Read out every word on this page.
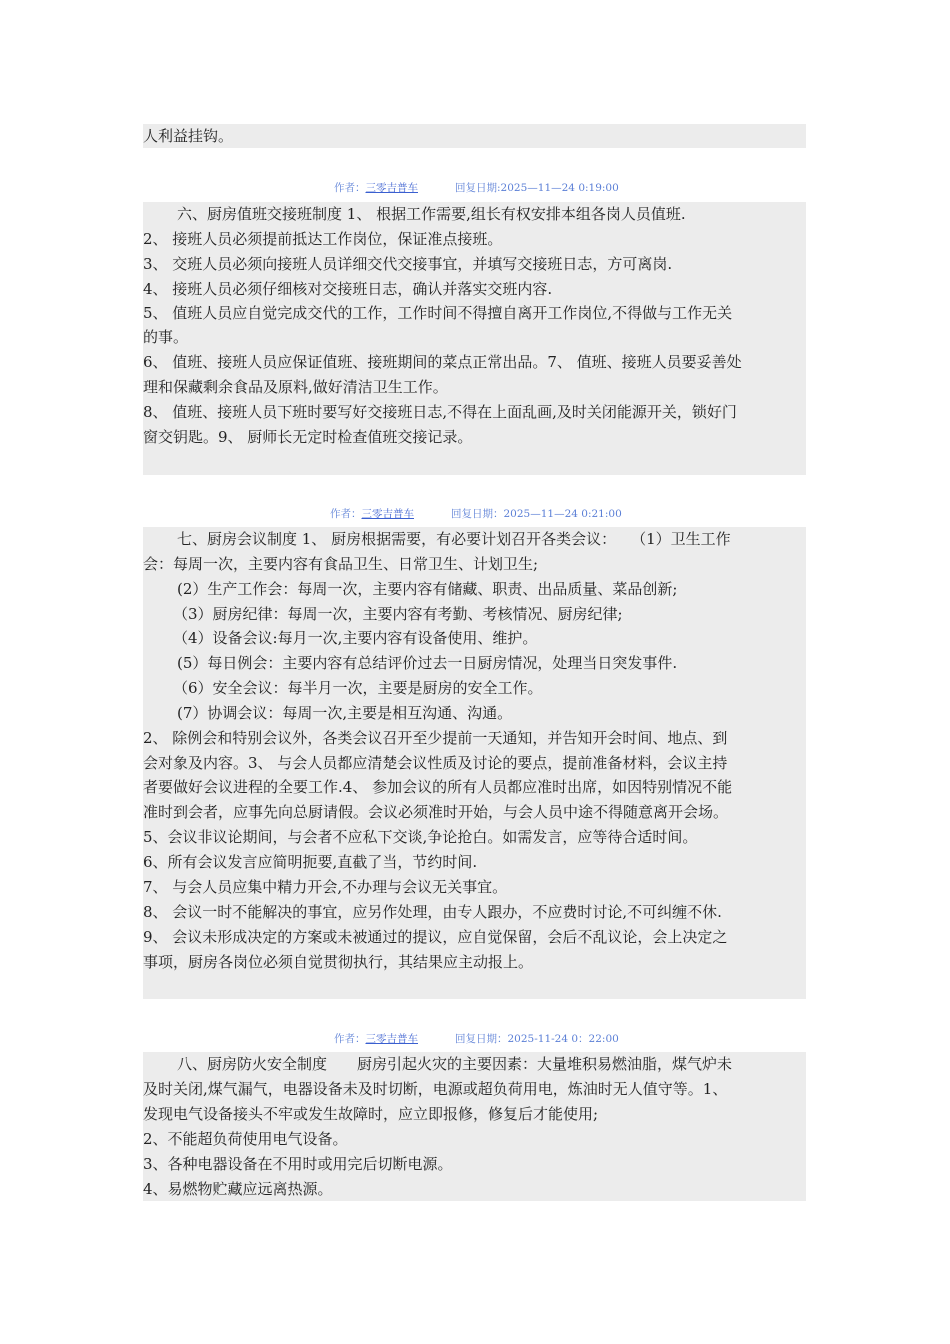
人利益挂钩。
作者：三零吉普车	回复日期:2025—11—24 0:19:00
六、厨房值班交接班制度 1、 根据工作需要,组长有权安排本组各岗人员值班.
2、 接班人员必须提前抵达工作岗位，保证准点接班。
3、 交班人员必须向接班人员详细交代交接事宜，并填写交接班日志，方可离岗.
4、 接班人员必须仔细核对交接班日志，确认并落实交班内容.
5、 值班人员应自觉完成交代的工作，工作时间不得擅自离开工作岗位,不得做与工作无关
的事。
6、 值班、接班人员应保证值班、接班期间的菜点正常出品。7、 值班、接班人员要妥善处
理和保藏剩余食品及原料,做好清洁卫生工作。
8、 值班、接班人员下班时要写好交接班日志,不得在上面乱画,及时关闭能源开关，锁好门
窗交钥匙。9、 厨师长无定时检查值班交接记录。
作者：三零吉普车	回复日期：2025—11—24 0:21:00
七、厨房会议制度 1、 厨房根据需要，有必要计划召开各类会议：　　（1）卫生工作
会：每周一次，主要内容有食品卫生、日常卫生、计划卫生;
(2）生产工作会：每周一次，主要内容有储藏、职责、出品质量、菜品创新;
（3）厨房纪律：每周一次，主要内容有考勤、考核情况、厨房纪律;
（4）设备会议:每月一次,主要内容有设备使用、维护。
(5）每日例会：主要内容有总结评价过去一日厨房情况，处理当日突发事件.
（6）安全会议：每半月一次，主要是厨房的安全工作。
(7）协调会议：每周一次,主要是相互沟通、沟通。
2、 除例会和特别会议外，各类会议召开至少提前一天通知，并告知开会时间、地点、到
会对象及内容。3、 与会人员都应清楚会议性质及讨论的要点，提前准备材料，会议主持
者要做好会议进程的全要工作.4、 参加会议的所有人员都应准时出席，如因特别情况不能
准时到会者，应事先向总厨请假。会议必须准时开始，与会人员中途不得随意离开会场。
5、会议非议论期间，与会者不应私下交谈,争论抢白。如需发言，应等待合适时间。
6、所有会议发言应简明扼要,直截了当，节约时间.
7、 与会人员应集中精力开会,不办理与会议无关事宜。
8、 会议一时不能解决的事宜，应另作处理，由专人跟办，不应费时讨论,不可纠缠不休.
9、 会议未形成决定的方案或未被通过的提议，应自觉保留，会后不乱议论，会上决定之
事项，厨房各岗位必须自觉贯彻执行，其结果应主动报上。
作者：三零吉普车	回复日期：2025-11-24 0：22:00
八、厨房防火安全制度　　厨房引起火灾的主要因素：大量堆积易燃油脂，煤气炉未
及时关闭,煤气漏气，电器设备未及时切断，电源或超负荷用电，炼油时无人值守等。1、
发现电气设备接头不牢或发生故障时，应立即报修，修复后才能使用;
2、不能超负荷使用电气设备。
3、各种电器设备在不用时或用完后切断电源。
4、易燃物贮藏应远离热源。
